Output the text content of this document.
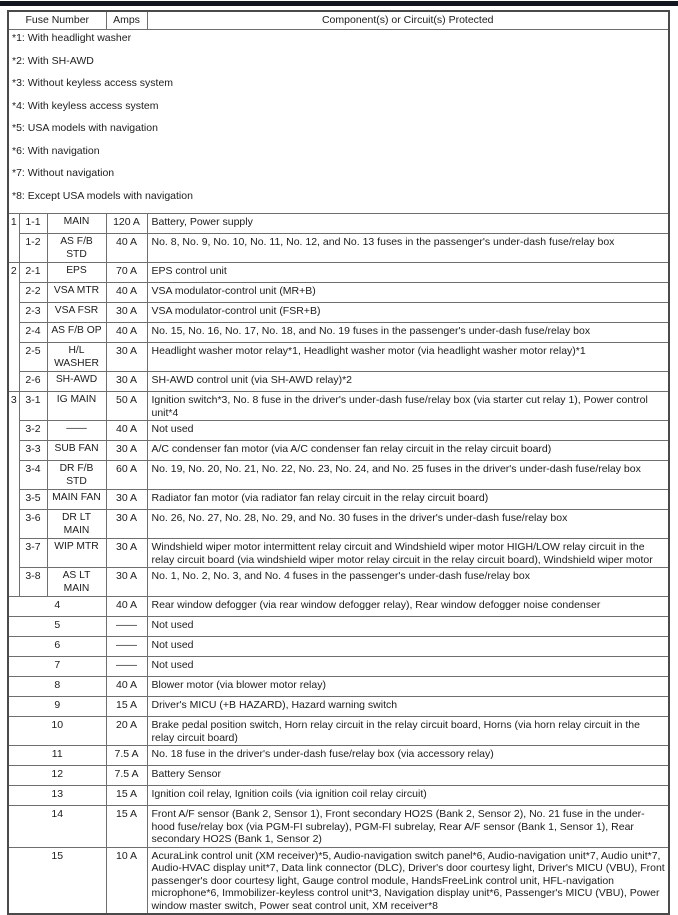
Fuse Number			Amps	Component(s) or Circuit(s) Protected

*1: With headlight washer
*2: With SH-AWD
*3: Without keyless access system
*4: With keyless access system
*5: USA models with navigation
*6: With navigation
*7: Without navigation
*8: Except USA models with navigation

1	1-1	MAIN	120 A	Battery, Power supply
	1-2	AS F/B STD	40 A	No. 8, No. 9, No. 10, No. 11, No. 12, and No. 13 fuses in the passenger's under-dash fuse/relay box
2	2-1	EPS	70 A	EPS control unit
	2-2	VSA MTR	40 A	VSA modulator-control unit (MR+B)
	2-3	VSA FSR	30 A	VSA modulator-control unit (FSR+B)
	2-4	AS F/B OP	40 A	No. 15, No. 16, No. 17, No. 18, and No. 19 fuses in the passenger's under-dash fuse/relay box
	2-5	H/L WASHER	30 A	Headlight washer motor relay*1, Headlight washer motor (via headlight washer motor relay)*1
	2-6	SH-AWD	30 A	SH-AWD control unit (via SH-AWD relay)*2
3	3-1	IG MAIN	50 A	Ignition switch*3, No. 8 fuse in the driver's under-dash fuse/relay box (via starter cut relay 1), Power control unit*4
	3-2	——	40 A	Not used
	3-3	SUB FAN	30 A	A/C condenser fan motor (via A/C condenser fan relay circuit in the relay circuit board)
	3-4	DR F/B STD	60 A	No. 19, No. 20, No. 21, No. 22, No. 23, No. 24, and No. 25 fuses in the driver's under-dash fuse/relay box
	3-5	MAIN FAN	30 A	Radiator fan motor (via radiator fan relay circuit in the relay circuit board)
	3-6	DR LT MAIN	30 A	No. 26, No. 27, No. 28, No. 29, and No. 30 fuses in the driver's under-dash fuse/relay box
	3-7	WIP MTR	30 A	Windshield wiper motor intermittent relay circuit and Windshield wiper motor HIGH/LOW relay circuit in the relay circuit board (via windshield wiper motor relay circuit in the relay circuit board), Windshield wiper motor
	3-8	AS LT MAIN	30 A	No. 1, No. 2, No. 3, and No. 4 fuses in the passenger's under-dash fuse/relay box
4			40 A	Rear window defogger (via rear window defogger relay), Rear window defogger noise condenser
5			——	Not used
6			——	Not used
7			——	Not used
8			40 A	Blower motor (via blower motor relay)
9			15 A	Driver's MICU (+B HAZARD), Hazard warning switch
10			20 A	Brake pedal position switch, Horn relay circuit in the relay circuit board, Horns (via horn relay circuit in the relay circuit board)
11			7.5 A	No. 18 fuse in the driver's under-dash fuse/relay box (via accessory relay)
12			7.5 A	Battery Sensor
13			15 A	Ignition coil relay, Ignition coils (via ignition coil relay circuit)
14			15 A	Front A/F sensor (Bank 2, Sensor 1), Front secondary HO2S (Bank 2, Sensor 2), No. 21 fuse in the under-hood fuse/relay box (via PGM-FI subrelay), PGM-FI subrelay, Rear A/F sensor (Bank 1, Sensor 1), Rear secondary HO2S (Bank 1, Sensor 2)
15			10 A	AcuraLink control unit (XM receiver)*5, Audio-navigation switch panel*6, Audio-navigation unit*7, Audio unit*7, Audio-HVAC display unit*7, Data link connector (DLC), Driver's door courtesy light, Driver's MICU (VBU), Front passenger's door courtesy light, Gauge control module, HandsFreeLink control unit, HFL-navigation microphone*6, Immobilizer-keyless control unit*3, Navigation display unit*6, Passenger's MICU (VBU), Power window master switch, Power seat control unit, XM receiver*8
